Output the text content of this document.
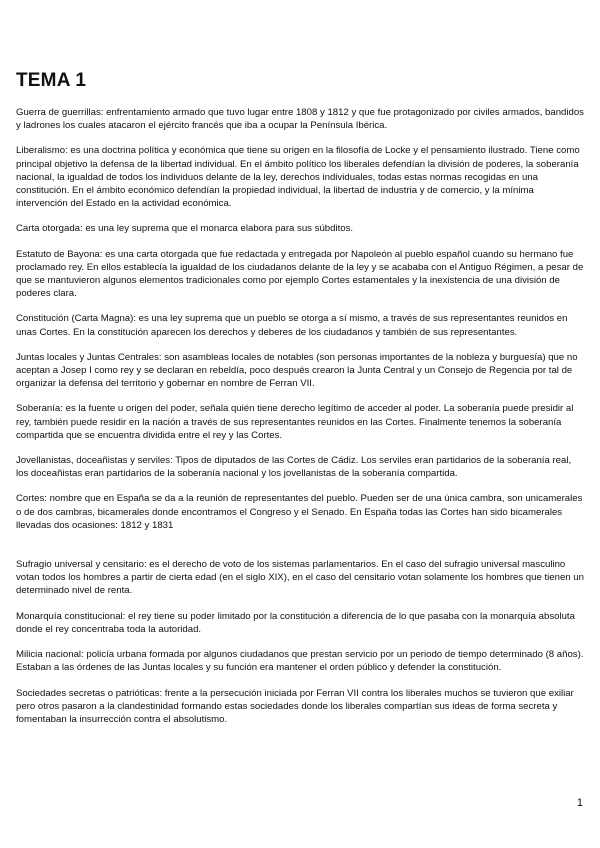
TEMA 1

Guerra de guerrillas: enfrentamiento armado que tuvo lugar entre 1808 y 1812 y que fue protagonizado por civiles armados, bandidos y ladrones los cuales atacaron el ejército francés que iba a ocupar la Península Ibérica.

Liberalismo: es una doctrina política y económica que tiene su origen en la filosofía de Locke y el pensamiento ilustrado. Tiene como principal objetivo la defensa de la libertad individual. En el ámbito político los liberales defendían la división de poderes, la soberanía nacional, la igualdad de todos los individuos delante de la ley, derechos individuales, todas estas normas recogidas en una constitución. En el ámbito económico defendían la propiedad individual, la libertad de industria y de comercio, y la mínima intervención del Estado en la actividad económica.

Carta otorgada: es una ley suprema que el monarca elabora para sus súbditos.

Estatuto de Bayona: es una carta otorgada que fue redactada y entregada por Napoleón al pueblo español cuando su hermano fue proclamado rey. En ellos establecía la igualdad de los ciudadanos delante de la ley y se acababa con el Antiguo Régimen, a pesar de que se mantuvieron algunos elementos tradicionales como por ejemplo Cortes estamentales y la inexistencia de una división de poderes clara.

Constitución (Carta Magna): es una ley suprema que un pueblo se otorga a sí mismo, a través de sus representantes reunidos en unas Cortes. En la constitución aparecen los derechos y deberes de los ciudadanos y también de sus representantes.

Juntas locales y Juntas Centrales: son asambleas locales de notables (son personas importantes de la nobleza y burguesía) que no aceptan a Josep I como rey y se declaran en rebeldía, poco después crearon la Junta Central y un Consejo de Regencia por tal de organizar la defensa del territorio y gobernar en nombre de Ferran VII.

Soberanía: es la fuente u origen del poder, señala quién tiene derecho legítimo de acceder al poder. La soberanía puede presidir al rey, también puede residir en la nación a través de sus representantes reunidos en las Cortes. Finalmente tenemos la soberanía compartida que se encuentra dividida entre el rey y las Cortes.

Jovellanistas, doceañistas y serviles: Tipos de diputados de las Cortes de Cádiz. Los serviles eran partidarios de la soberanía real, los doceañistas eran partidarios de la soberanía nacional y los jovellanistas de la soberanía compartida.

Cortes: nombre que en España se da a la reunión de representantes del pueblo. Pueden ser de una única cambra, son unicamerales o de dos cambras, bicamerales donde encontramos el Congreso y el Senado. En España todas las Cortes han sido bicamerales llevadas dos ocasiones: 1812 y 1831

Sufragio universal y censitario: es el derecho de voto de los sistemas parlamentarios. En el caso del sufragio universal masculino votan todos los hombres a partir de cierta edad (en el siglo XIX), en el caso del censitario votan solamente los hombres que tienen un determinado nivel de renta.

Monarquía constitucional: el rey tiene su poder limitado por la constitución a diferencia de lo que pasaba con la monarquía absoluta donde el rey concentraba toda la autoridad.

Milicia nacional: policía urbana formada por algunos ciudadanos que prestan servicio por un periodo de tiempo determinado (8 años). Estaban a las órdenes de las Juntas locales y su función era mantener el orden público y defender la constitución.

Sociedades secretas o patrióticas: frente a la persecución iniciada por Ferran VII contra los liberales muchos se tuvieron que exiliar pero otros pasaron a la clandestinidad formando estas sociedades donde los liberales compartían sus ideas de forma secreta y fomentaban la insurrección contra el absolutismo.

1
